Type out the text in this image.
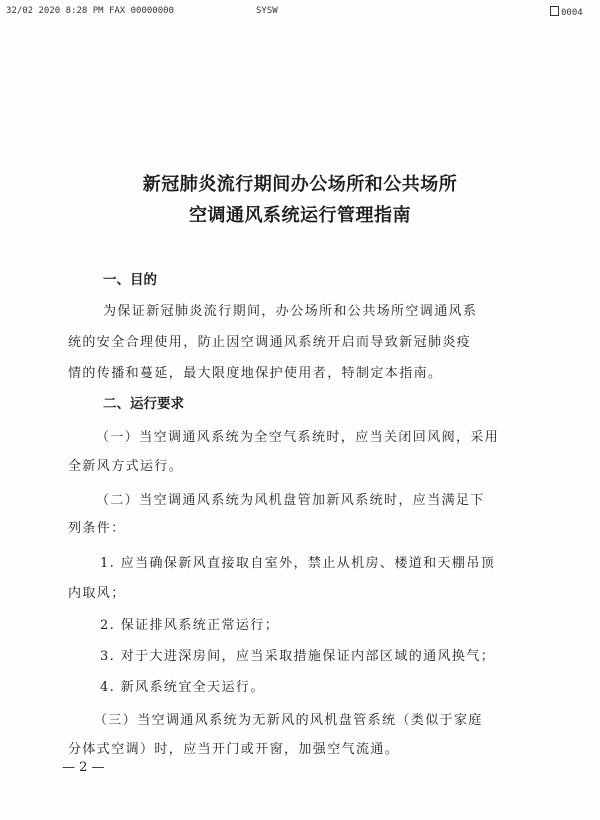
32/02 2020 8:28 PM FAX 00000000	SYSW	0004
新冠肺炎流行期间办公场所和公共场所
空调通风系统运行管理指南
一、目的
为保证新冠肺炎流行期间，办公场所和公共场所空调通风系
统的安全合理使用，防止因空调通风系统开启而导致新冠肺炎疫
情的传播和蔓延，最大限度地保护使用者，特制定本指南。
二、运行要求
（一）当空调通风系统为全空气系统时，应当关闭回风阀，采用
全新风方式运行。
（二）当空调通风系统为风机盘管加新风系统时，应当满足下
列条件：
1. 应当确保新风直接取自室外，禁止从机房、楼道和天棚吊顶
内取风；
2. 保证排风系统正常运行；
3. 对于大进深房间，应当采取措施保证内部区域的通风换气；
4. 新风系统宜全天运行。
（三）当空调通风系统为无新风的风机盘管系统（类似于家庭
分体式空调）时，应当开门或开窗，加强空气流通。
— 2 —
